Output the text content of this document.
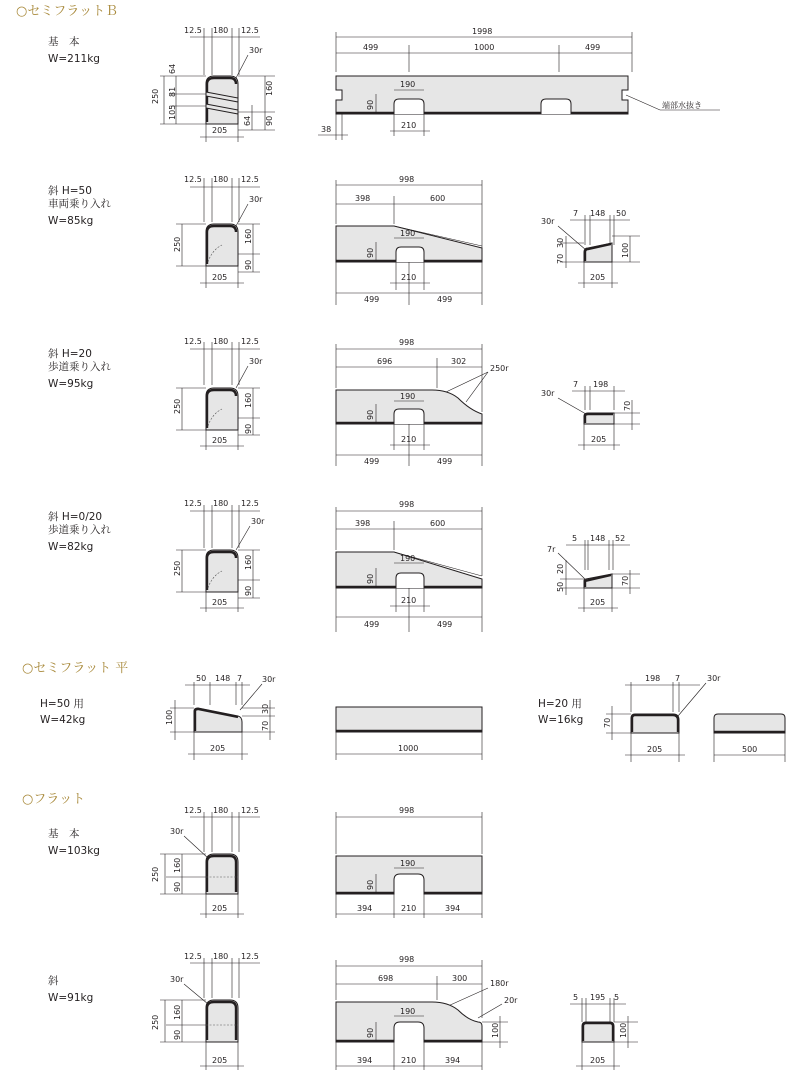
○セミフラットＢ
○セミフラット 平
○フラット
基　本
W=211kg
12.5 180 12.5
30r
250
64
81
105
160
90
64
205
1998
499	1000	499
190
90
210
38
端部水抜き
斜 H=50
車両乗り入れ
W=85kg
12.5 180 12.5
30r
250
160
90
205
998
398	600
190
90
210
499	499
7 148 50
30r
30
70
100
205
斜 H=20
歩道乗り入れ
W=95kg
12.5 180 12.5
30r
250	160
90
205
998
696	302
250r
190
90
210
499	499
7 198
30r
70
205
斜 H=0/20
歩道乗り入れ
W=82kg
12.5 180 12.5
30r
250	160
90
205
998
398	600
190
90
210
499	499
5 148 52
7r
20
50
70
205
H=50 用
W=42kg
50 148 7 30r
100
30
70
205	1000
H=20 用
W=16kg
198 7	30r
70
205	500
基　本
W=103kg
12.5 180 12.5
30r
250
160
90
205
998
190
90
394	210	394
斜
W=91kg
12.5 180 12.5
30r
250
160
90
205
998
698	300
180r
20r
190
90	100
394	210	394
5 195 5
100
205
